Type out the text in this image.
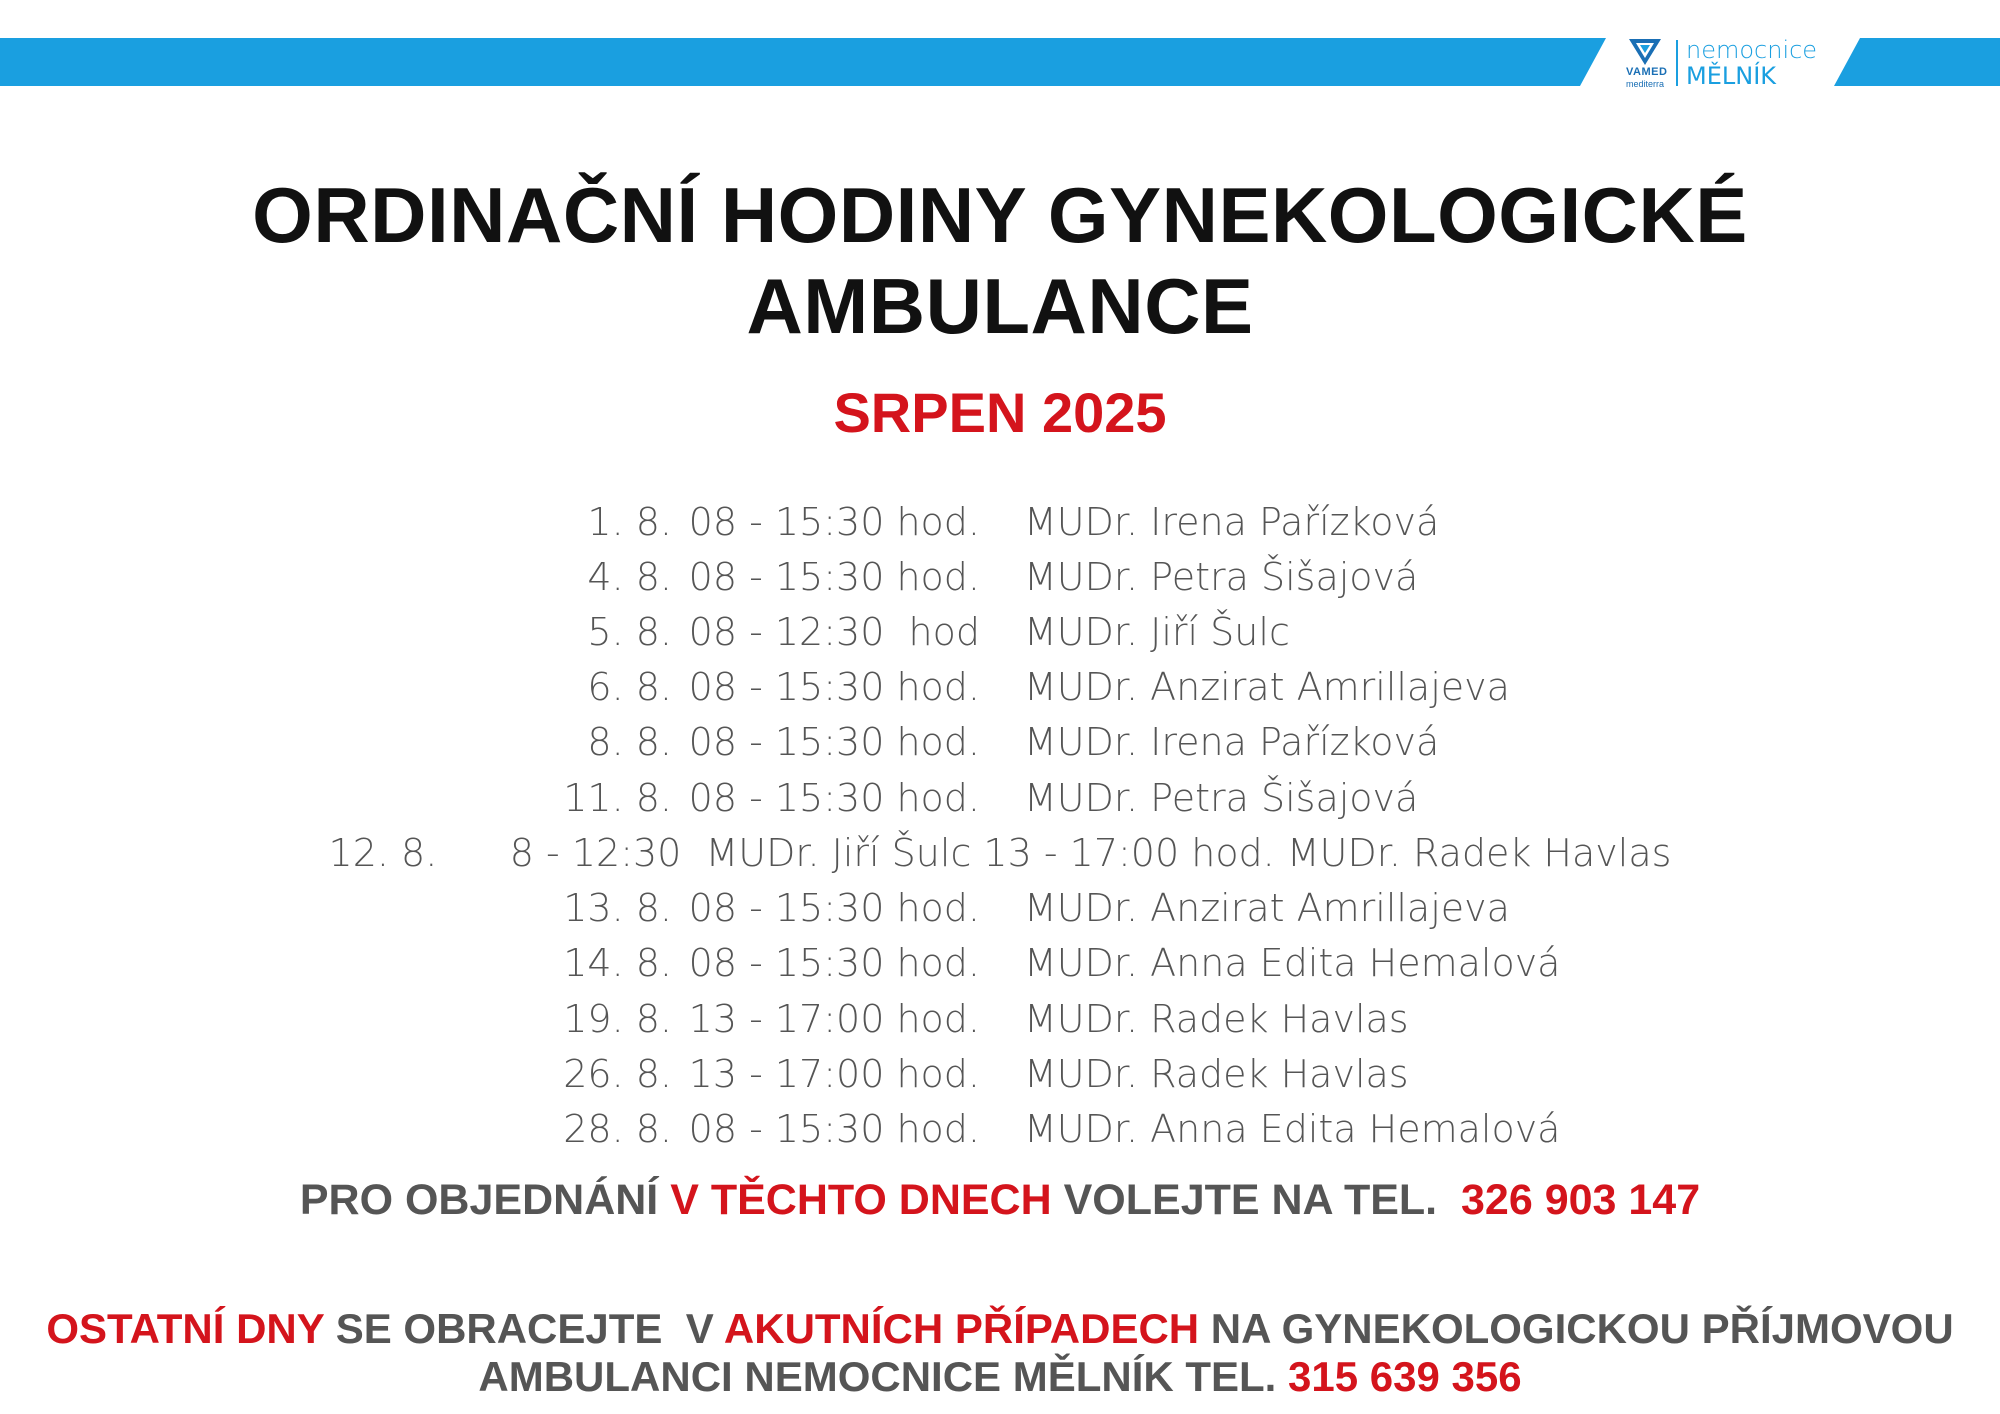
VAMED
mediterra
nemocnice
MĚLNÍK
ORDINAČNÍ HODINY GYNEKOLOGICKÉ AMBULANCE
SRPEN 2025
1. 8. 08 - 15:30 hod. MUDr. Irena Pařízková
4. 8. 08 - 15:30 hod. MUDr. Petra Šišajová
5. 8. 08 - 12:30  hod MUDr. Jiří Šulc
6. 8. 08 - 15:30 hod. MUDr. Anzirat Amrillajeva
8. 8. 08 - 15:30 hod. MUDr. Irena Pařízková
11. 8. 08 - 15:30 hod. MUDr. Petra Šišajová
12. 8.      8 - 12:30  MUDr. Jiří Šulc 13 - 17:00 hod. MUDr. Radek Havlas
13. 8. 08 - 15:30 hod. MUDr. Anzirat Amrillajeva
14. 8. 08 - 15:30 hod. MUDr. Anna Edita Hemalová
19. 8. 13 - 17:00 hod. MUDr. Radek Havlas
26. 8. 13 - 17:00 hod. MUDr. Radek Havlas
28. 8. 08 - 15:30 hod. MUDr. Anna Edita Hemalová
PRO OBJEDNÁNÍ V TĚCHTO DNECH VOLEJTE NA TEL.  326 903 147
OSTATNÍ DNY SE OBRACEJTE  V AKUTNÍCH PŘÍPADECH NA GYNEKOLOGICKOU PŘÍJMOVOU
AMBULANCI NEMOCNICE MĚLNÍK TEL. 315 639 356
